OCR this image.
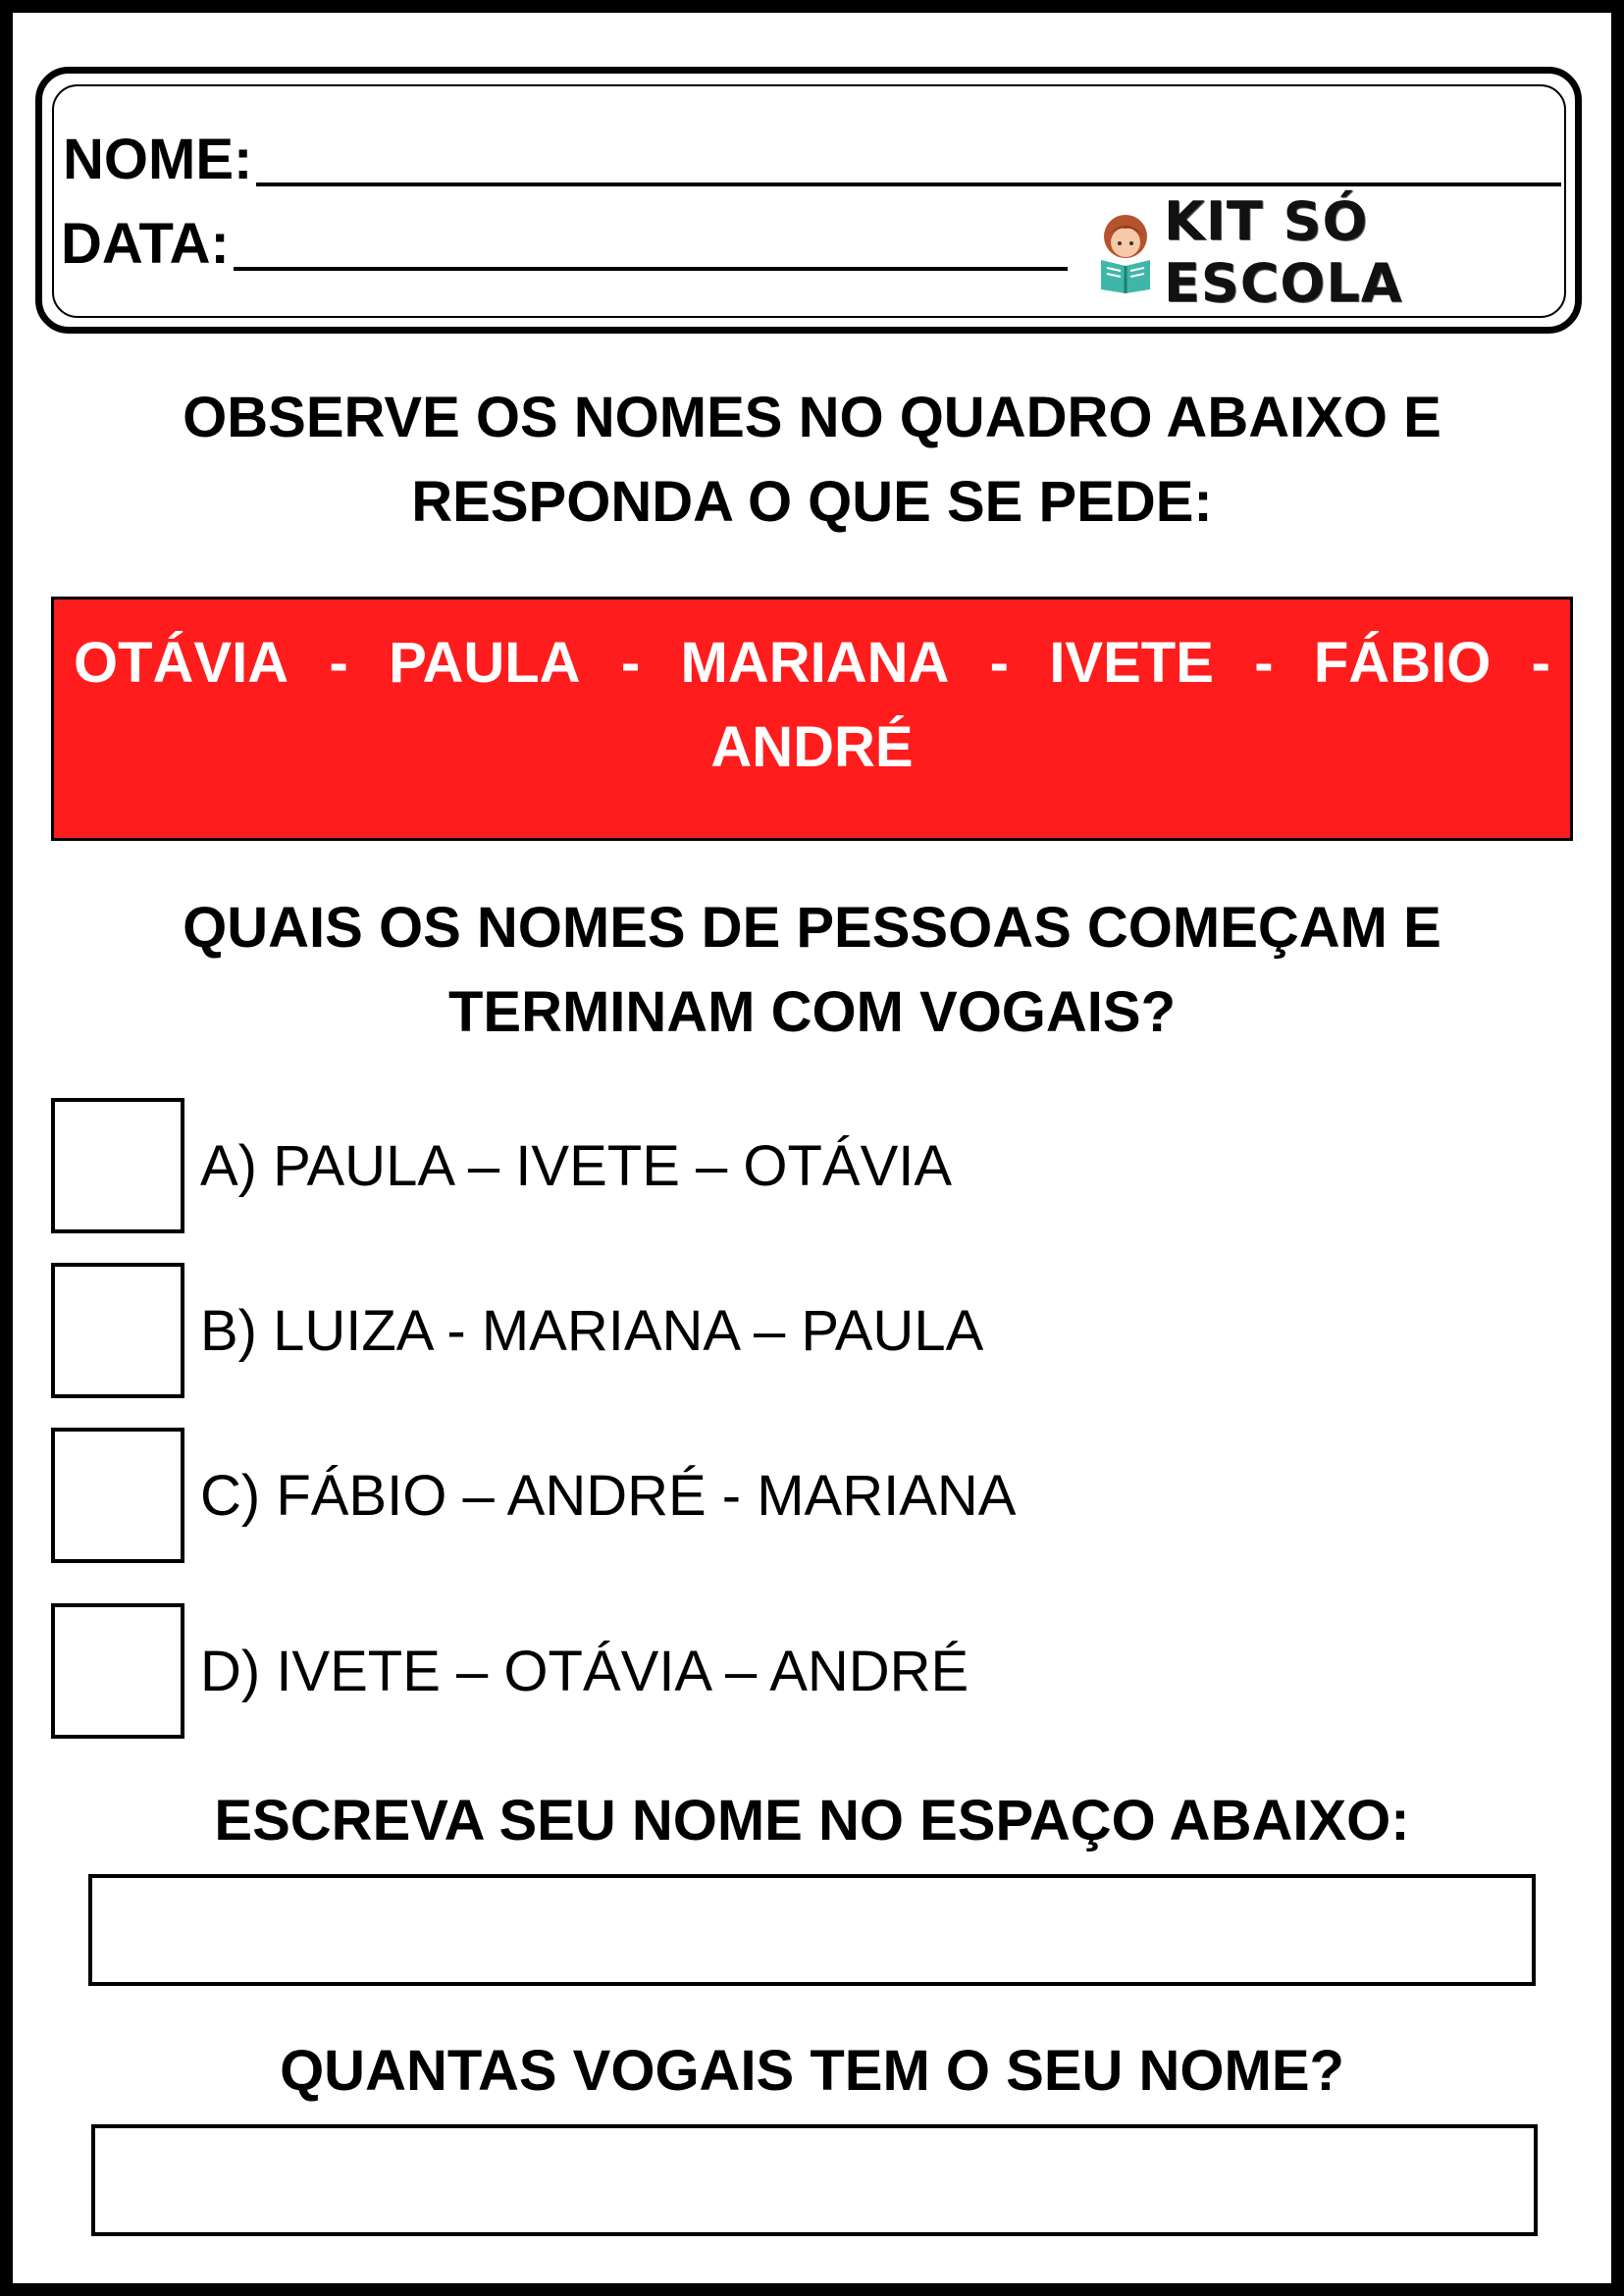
NOME:
DATA:	KIT SÓ ESCOLA
OBSERVE OS NOMES NO QUADRO ABAIXO E
RESPONDA O QUE SE PEDE:
OTÁVIA - PAULA - MARIANA - IVETE - FÁBIO -
ANDRÉ
QUAIS OS NOMES DE PESSOAS COMEÇAM E
TERMINAM COM VOGAIS?
A) PAULA – IVETE – OTÁVIA
B) LUIZA - MARIANA – PAULA
C) FÁBIO – ANDRÉ - MARIANA
D) IVETE – OTÁVIA – ANDRÉ
ESCREVA SEU NOME NO ESPAÇO ABAIXO:
QUANTAS VOGAIS TEM O SEU NOME?
